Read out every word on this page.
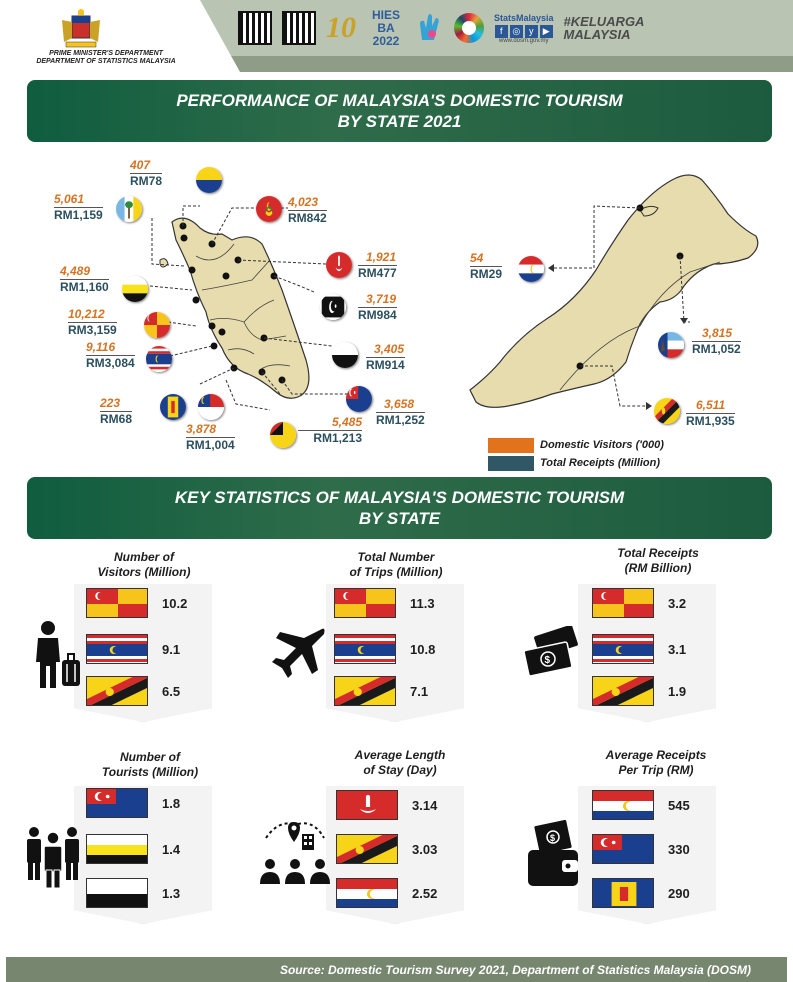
PRIME MINISTER'S DEPARTMENT
DEPARTMENT OF STATISTICS MALAYSIA
10	HIES BA 2022
StatsMalaysia
f	◎ y	▶
www.dosm.gov.my
#KELUARGA MALAYSIA
PERFORMANCE OF MALAYSIA'S DOMESTIC TOURISM
BY STATE 2021
407
RM78
5,061
RM1,159
4,023
RM842
1,921
RM477
4,489
RM1,160
3,719
RM984
10,212
RM3,159
9,116
RM3,084
3,405
RM914
223
RM68
3,658
RM1,252
5,485
RM1,213
3,878
RM1,004
54
RM29
3,815
RM1,052
6,511
RM1,935
Domestic Visitors ('000)
Total Receipts (Million)
KEY STATISTICS OF MALAYSIA'S DOMESTIC TOURISM
BY STATE
Number of
Visitors (Million)
10.2
9.1
6.5
Total Number
of Trips (Million)
11.3
10.8
7.1
Total Receipts
(RM Billion)
$
3.2
3.1
1.9
Number of
Tourists (Million)
1.8
1.4
1.3
Average Length
of Stay (Day)
3.14
3.03
2.52
Average Receipts
Per Trip (RM)
$
545
330
290
Source: Domestic Tourism Survey 2021, Department of Statistics Malaysia (DOSM)
